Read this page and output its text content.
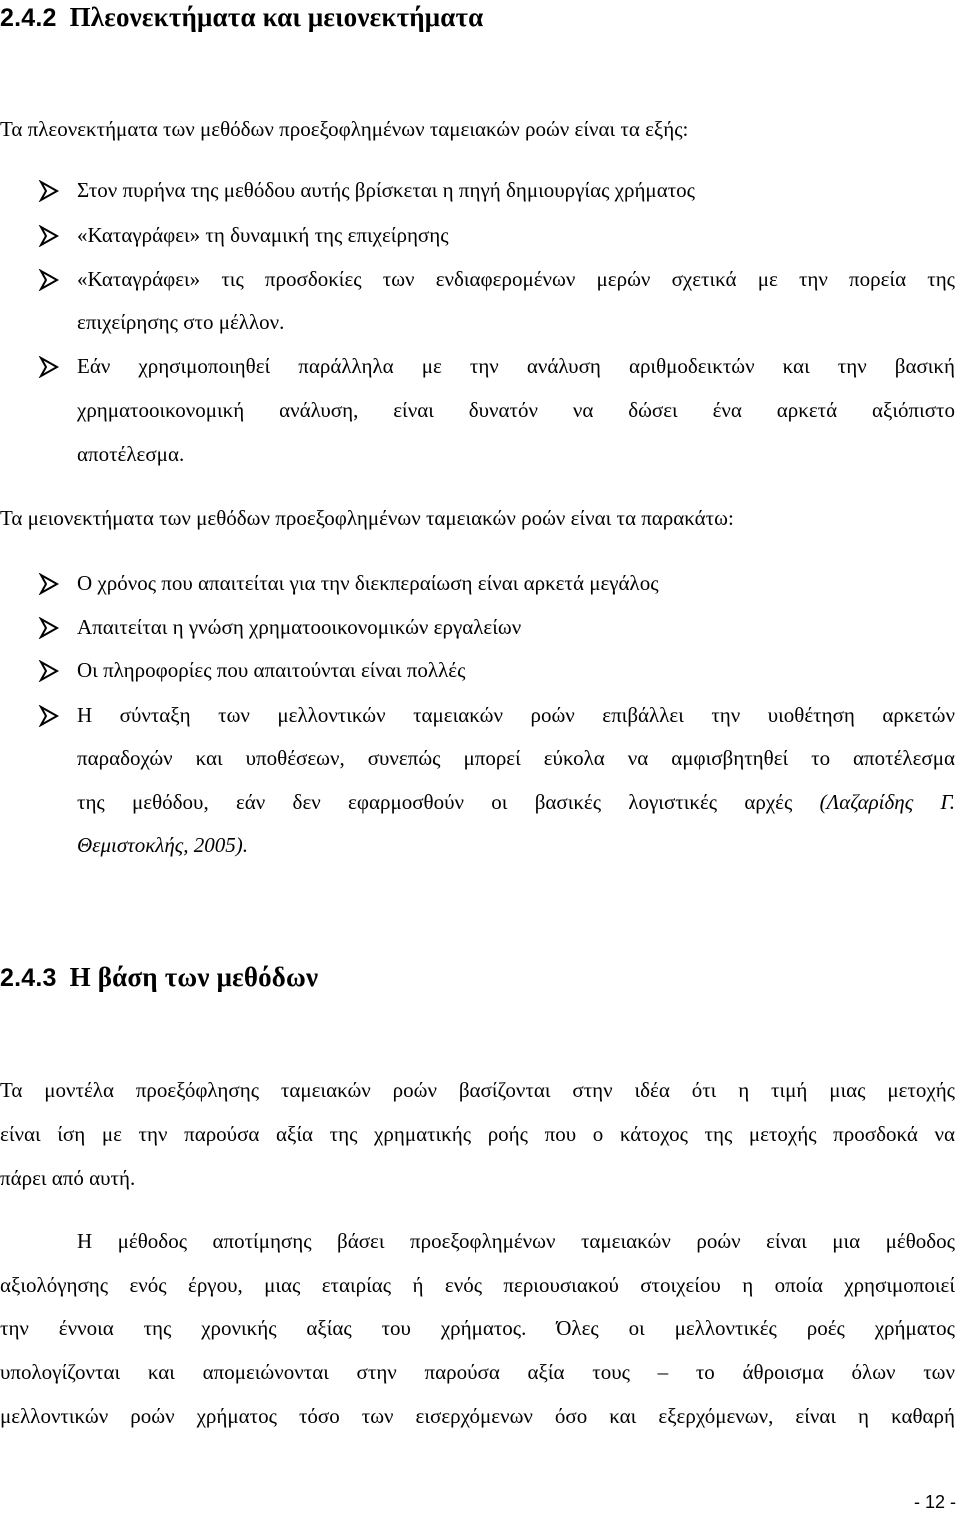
2.4.2 Πλεονεκτήματα και μειονεκτήματα
Τα πλεονεκτήματα των μεθόδων προεξοφλημένων ταμειακών ροών είναι τα εξής:
Στον πυρήνα της μεθόδου αυτής βρίσκεται η πηγή δημιουργίας χρήματος
«Καταγράφει» τη δυναμική της επιχείρησης
«Καταγράφει» τις προσδοκίες των ενδιαφερομένων μερών σχετικά με την πορεία της
επιχείρησης στο μέλλον.
Εάν χρησιμοποιηθεί παράλληλα με την ανάλυση αριθμοδεικτών και την βασική
χρηματοοικονομική ανάλυση, είναι δυνατόν να δώσει ένα αρκετά αξιόπιστο
αποτέλεσμα.
Τα μειονεκτήματα των μεθόδων προεξοφλημένων ταμειακών ροών είναι τα παρακάτω:
Ο χρόνος που απαιτείται για την διεκπεραίωση είναι αρκετά μεγάλος
Απαιτείται η γνώση χρηματοοικονομικών εργαλείων
Οι πληροφορίες που απαιτούνται είναι πολλές
Η σύνταξη των μελλοντικών ταμειακών ροών επιβάλλει την υιοθέτηση αρκετών
παραδοχών και υποθέσεων, συνεπώς μπορεί εύκολα να αμφισβητηθεί το αποτέλεσμα
της μεθόδου, εάν δεν εφαρμοσθούν οι βασικές λογιστικές αρχές (Λαζαρίδης Γ.
Θεμιστοκλής, 2005).
2.4.3 Η βάση των μεθόδων
Τα μοντέλα προεξόφλησης ταμειακών ροών βασίζονται στην ιδέα ότι η τιμή μιας μετοχής
είναι ίση με την παρούσα αξία της χρηματικής ροής που ο κάτοχος της μετοχής προσδοκά να
πάρει από αυτή.
Η μέθοδος αποτίμησης βάσει προεξοφλημένων ταμειακών ροών είναι μια μέθοδος
αξιολόγησης ενός έργου, μιας εταιρίας ή ενός περιουσιακού στοιχείου η οποία χρησιμοποιεί
την έννοια της χρονικής αξίας του χρήματος. Όλες οι μελλοντικές ροές χρήματος
υπολογίζονται και απομειώνονται στην παρούσα αξία τους – το άθροισμα όλων των
μελλοντικών ροών χρήματος τόσο των εισερχόμενων όσο και εξερχόμενων, είναι η καθαρή
- 12 -
